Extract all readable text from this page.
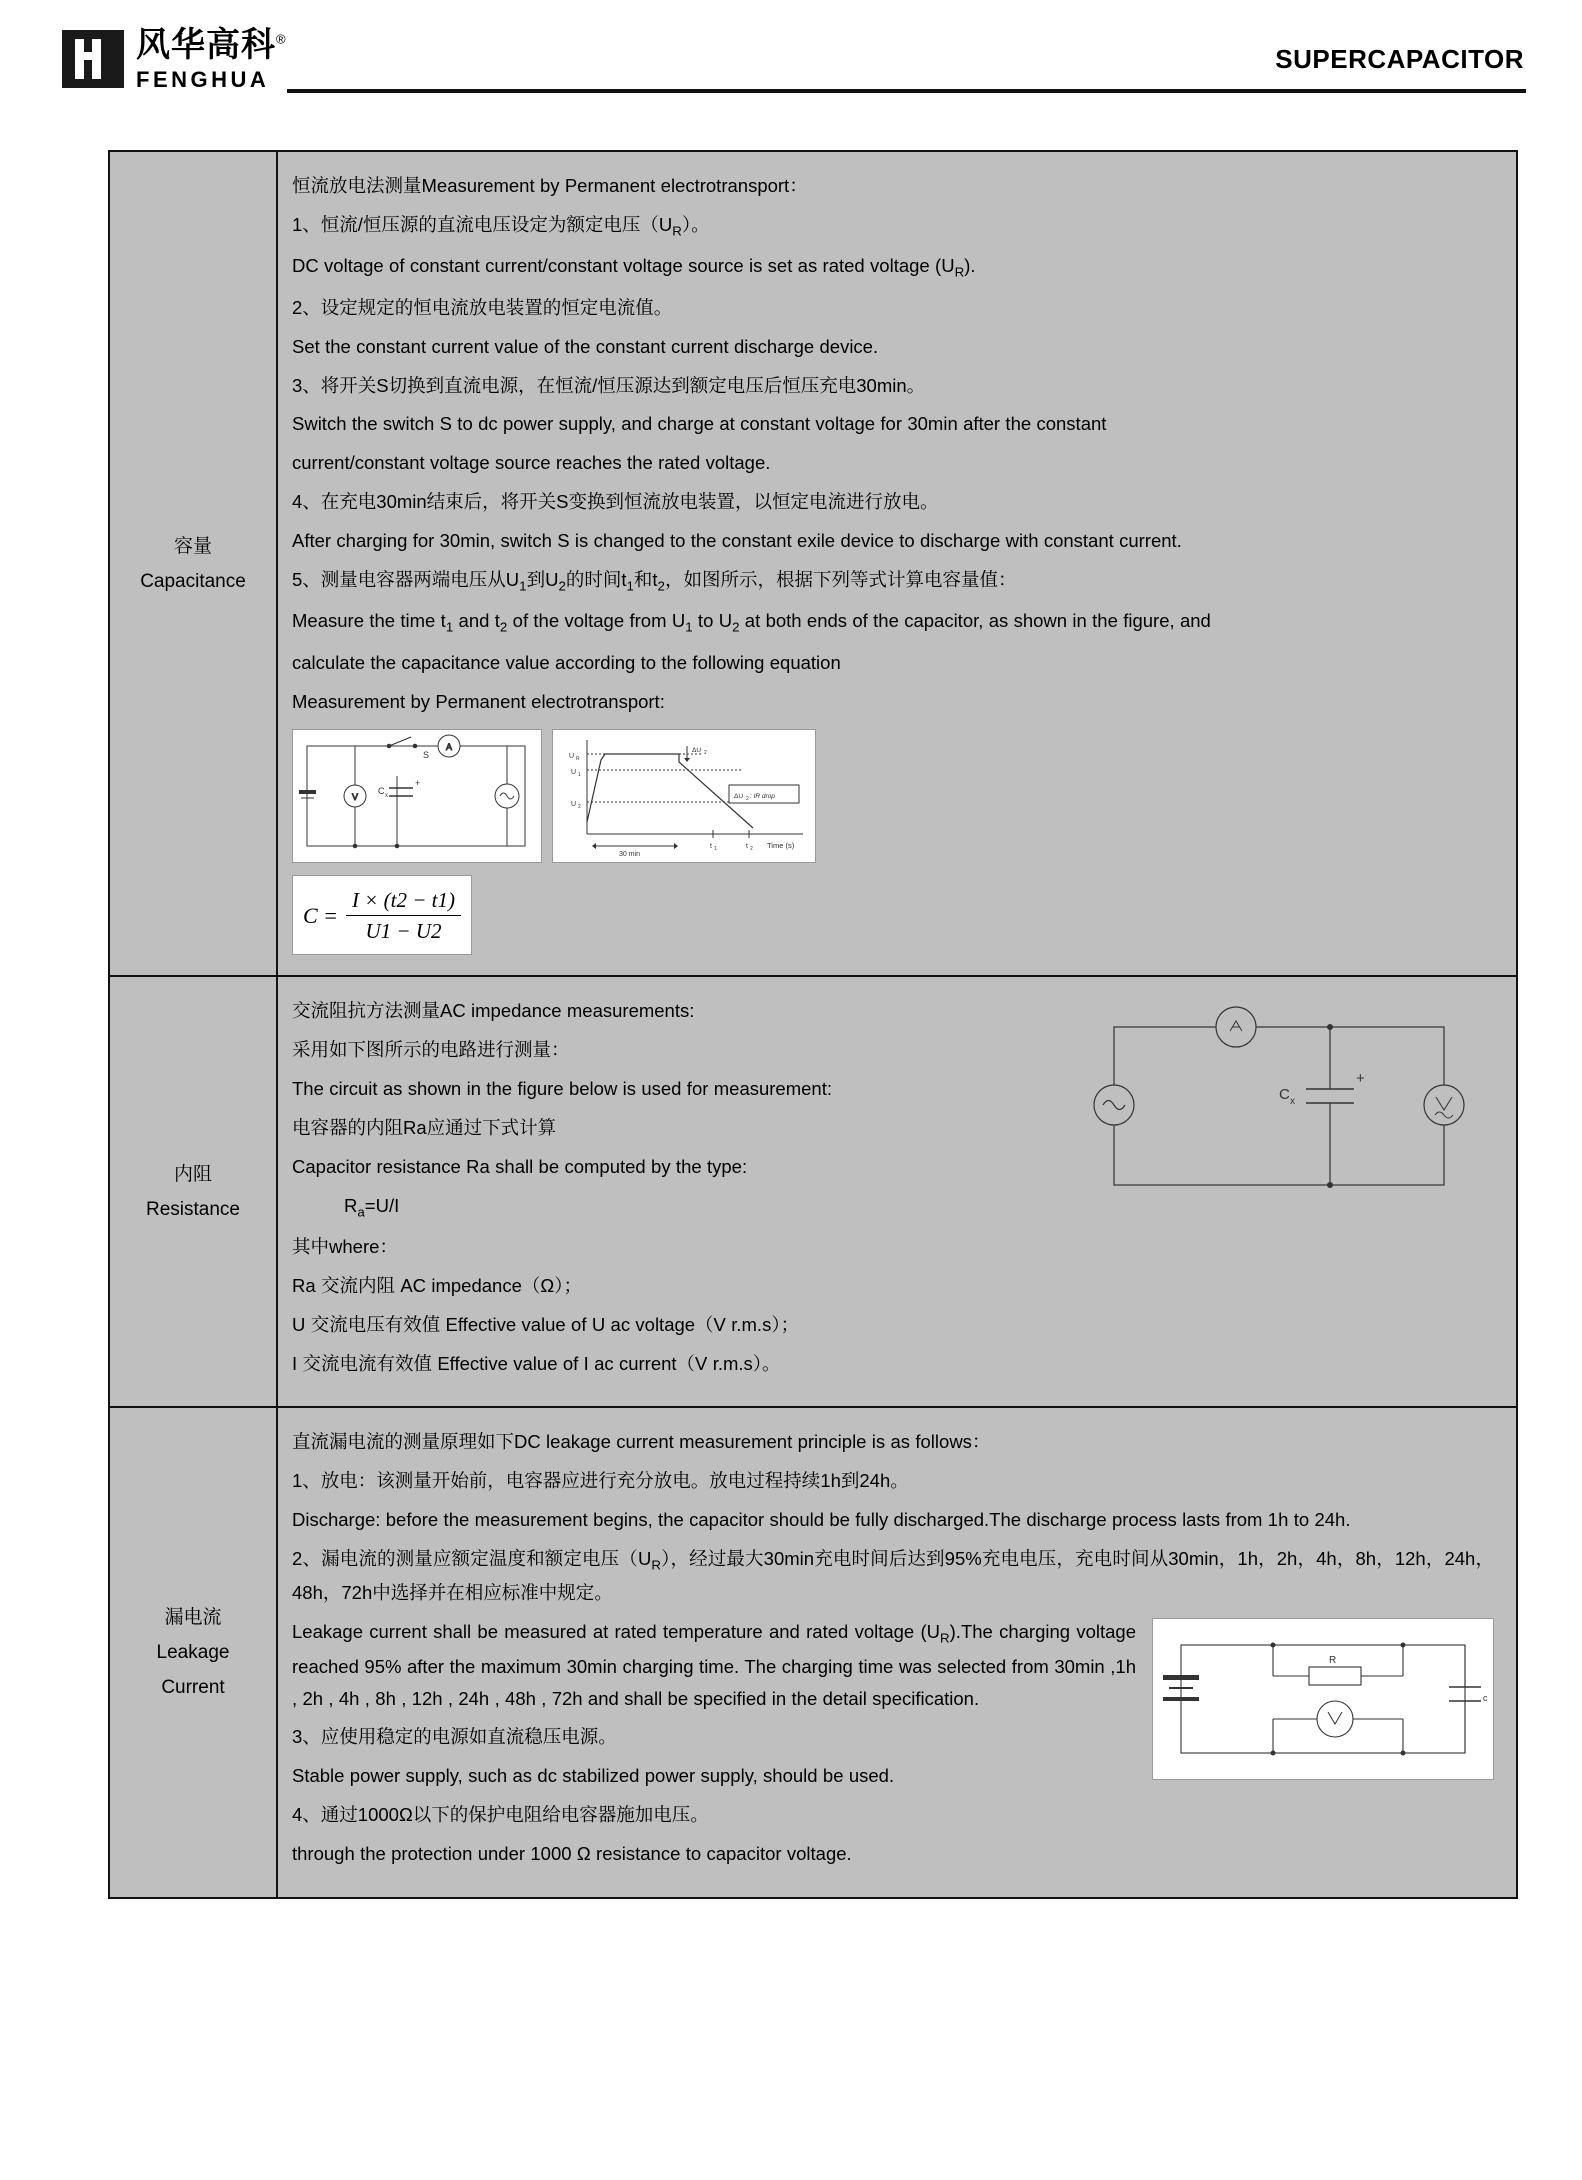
风华高科®
FENGHUA
SUPERCAPACITOR
容量
Capacitance

恒流放电法测量Measurement by Permanent electrotransport：

1、恒流/恒压源的直流电压设定为额定电压$(U_R)$。

DC voltage of constant current/constant voltage source is set as rated voltage $(U_R)$.

2、设定规定的恒电流放电装置的恒定电流值。

Set the constant current value of the constant current discharge device.

3、将开关S切换到直流电源，在恒流/恒压源达到额定电压后恒压充电30min。

Switch the switch S to dc power supply, and charge at constant voltage for 30min after the constant

current/constant voltage source reaches the rated voltage.

4、在充电30min结束后，将开关S变换到恒流放电装置，以恒定电流进行放电。

After charging for 30min, switch S is changed to the constant exile device to discharge with constant current.

5、测量电容器两端电压从$U_1$到$U_2$的时间$t_1$和$t_2$，如图所示，根据下列等式计算电容量值：

Measure the time $t_1$ and $t_2$ of the voltage from $U_1$ to $U_2$ at both ends of the capacitor, as shown in the figure, and

calculate the capacitance value according to the following equation

Measurement by Permanent electrotransport:

A
V
S
C x
+
U R
U 1
U 2
ΔU 2
ΔU 2 : IR drop
30 min
t 1	t 2 Time (s)
$C = \frac{I \times (t2 - t1)}{U1 - U2}$

内阻
Resistance

交流阻抗方法测量AC impedance measurements:

采用如下图所示的电路进行测量：

The circuit as shown in the figure below is used for measurement:

电容器的内阻Ra应通过下式计算

Capacitor resistance Ra shall be computed by the type:

$R_a=U/I$

其中where：

Ra 交流内阻 AC impedance（Ω）；

U 交流电压有效值 Effective value of U ac voltage（V r.m.s）；

I 交流电流有效值 Effective value of I ac current（V r.m.s）。

C x
+

漏电流
Leakage
Current

直流漏电流的测量原理如下DC leakage current measurement principle is as follows：

1、放电：该测量开始前，电容器应进行充分放电。放电过程持续1h到24h。

Discharge: before the measurement begins, the capacitor should be fully discharged.The discharge process lasts from 1h to 24h.

2、漏电流的测量应额定温度和额定电压$(U_R)$，经过最大30min充电时间后达到95%充电电压，充电时间从30min，1h，2h，4h，8h，12h，24h，48h，72h中选择并在相应标准中规定。

R
c

Leakage current shall be measured at rated temperature and rated voltage $(U_R).The$ charging voltage reached 95% after the maximum 30min charging time. The charging time was selected from 30min ,1h , 2h , 4h , 8h , 12h , 24h , 48h , 72h and shall be specified in the detail specification.

3、应使用稳定的电源如直流稳压电源。

Stable power supply, such as dc stabilized power supply, should be used.

4、通过1000Ω以下的保护电阻给电容器施加电压。

through the protection under 1000 Ω resistance to capacitor voltage.
